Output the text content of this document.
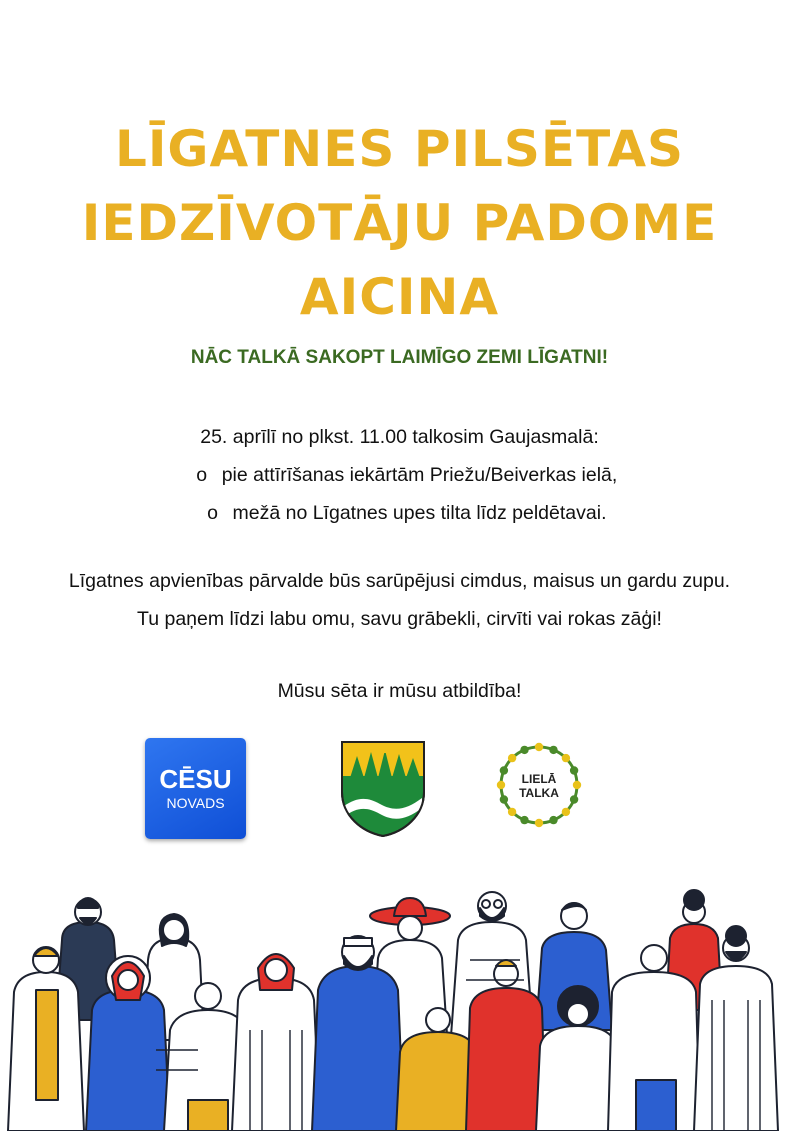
LĪGATNES PILSĒTAS
IEDZĪVOTĀJU PADOME
AICINA
NĀC TALKĀ SAKOPT LAIMĪGO ZEMI LĪGATNI!
25. aprīlī no plkst. 11.00 talkosim Gaujasmalā:
o pie attīrīšanas iekārtām Priežu/Beiverkas ielā,
o mežā no Līgatnes upes tilta līdz peldētavai.
Līgatnes apvienības pārvalde būs sarūpējusi cimdus, maisus un gardu zupu.
Tu paņem līdzi labu omu, savu grābekli, cirvīti vai rokas zāģi!
Mūsu sēta ir mūsu atbildība!
CĒSU
NOVADS
LIELĀ
TALKA
